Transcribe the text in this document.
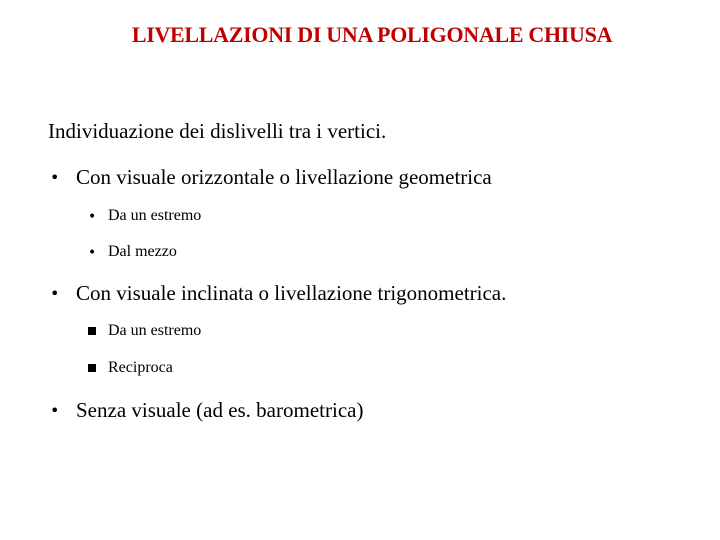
LIVELLAZIONI DI UNA POLIGONALE CHIUSA
Individuazione dei dislivelli tra i vertici.
• Con visuale orizzontale o livellazione geometrica
• Da un estremo
• Dal mezzo
• Con visuale inclinata o livellazione trigonometrica.
Da un estremo
Reciproca
• Senza visuale (ad es. barometrica)
